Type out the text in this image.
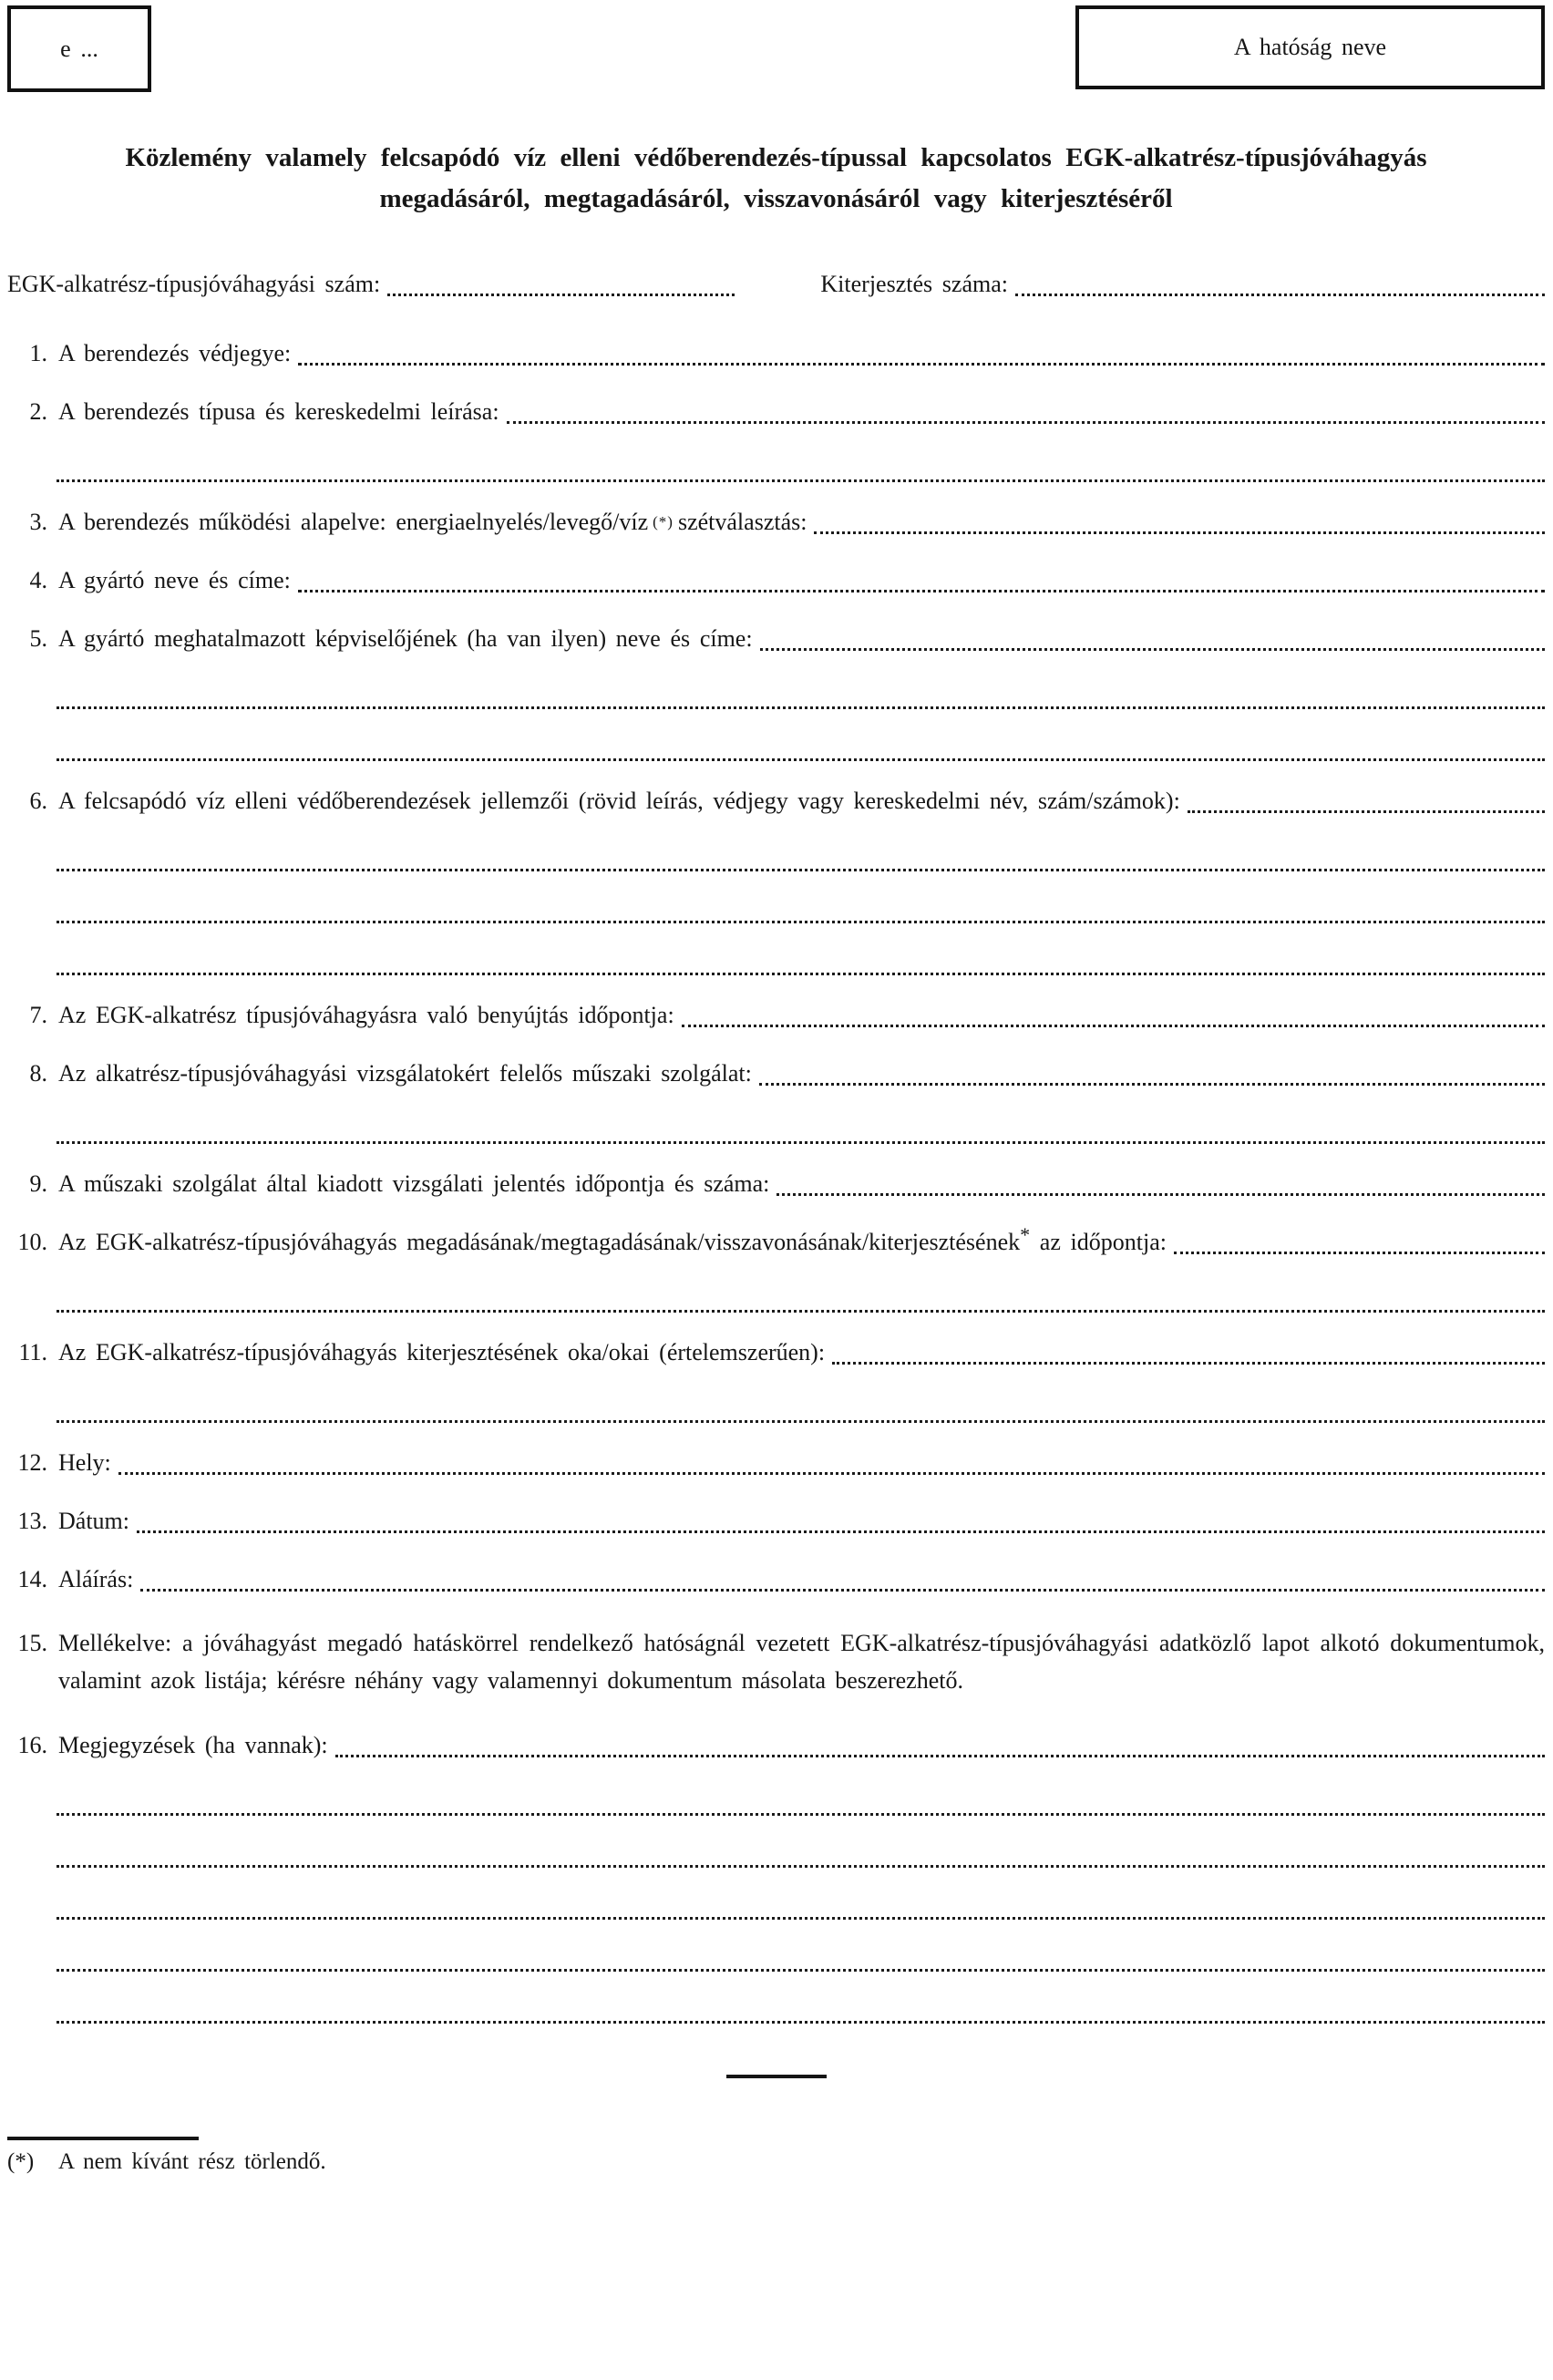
e ...	A hatóság neve
Közlemény valamely felcsapódó víz elleni védőberendezés-típussal kapcsolatos EGK-alkatrész-típusjóváhagyás
megadásáról, megtagadásáról, visszavonásáról vagy kiterjesztéséről
EGK-alkatrész-típusjóváhagyási szám:	Kiterjesztés száma:
1. A berendezés védjegye:
2. A berendezés típusa és kereskedelmi leírása:
3. A berendezés működési alapelve: energiaelnyelés/levegő/víz (*) szétválasztás:
4. A gyártó neve és címe:
5. A gyártó meghatalmazott képviselőjének (ha van ilyen) neve és címe:
6. A felcsapódó víz elleni védőberendezések jellemzői (rövid leírás, védjegy vagy kereskedelmi név, szám/számok):
7. Az EGK-alkatrész típusjóváhagyásra való benyújtás időpontja:
8. Az alkatrész-típusjóváhagyási vizsgálatokért felelős műszaki szolgálat:
9. A műszaki szolgálat által kiadott vizsgálati jelentés időpontja és száma:
10. Az EGK-alkatrész-típusjóváhagyás megadásának/megtagadásának/visszavonásának/kiterjesztésének* az időpontja:
11. Az EGK-alkatrész-típusjóváhagyás kiterjesztésének oka/okai (értelemszerűen):
12. Hely:
13. Dátum:
14. Aláírás:
15. Mellékelve: a jóváhagyást megadó hatáskörrel rendelkező hatóságnál vezetett EGK-alkatrész-típusjóváhagyási adatközlő lapot alkotó dokumentumok, valamint azok listája; kérésre néhány vagy valamennyi dokumentum másolata beszerezhető.
16. Megjegyzések (ha vannak):
(*)	A nem kívánt rész törlendő.
